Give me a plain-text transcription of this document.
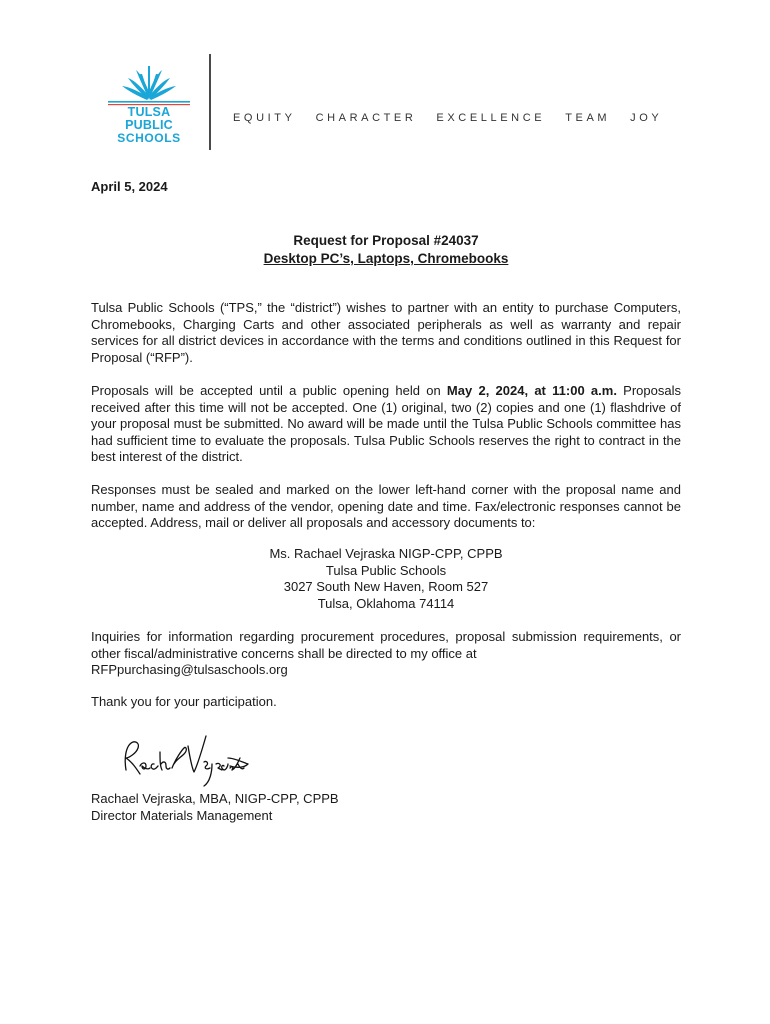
TULSA PUBLIC
SCHOOLS
EQUITY CHARACTER EXCELLENCE TEAM JOY
April 5, 2024
Request for Proposal #24037
Desktop PC’s, Laptops, Chromebooks
Tulsa Public Schools (“TPS,” the “district”) wishes to partner with an entity to purchase Computers, Chromebooks, Charging Carts and other associated peripherals as well as warranty and repair services for all district devices in accordance with the terms and conditions outlined in this Request for Proposal (“RFP”).
Proposals will be accepted until a public opening held on May 2, 2024, at 11:00 a.m. Proposals received after this time will not be accepted. One (1) original, two (2) copies and one (1) flashdrive of your proposal must be submitted. No award will be made until the Tulsa Public Schools committee has had sufficient time to evaluate the proposals. Tulsa Public Schools reserves the right to contract in the best interest of the district.
Responses must be sealed and marked on the lower left-hand corner with the proposal name and number, name and address of the vendor, opening date and time. Fax/electronic responses cannot be accepted. Address, mail or deliver all proposals and accessory documents to:
Ms. Rachael Vejraska NIGP-CPP, CPPB
Tulsa Public Schools
3027 South New Haven, Room 527
Tulsa, Oklahoma 74114
Inquiries for information regarding procurement procedures, proposal submission requirements, or other fiscal/administrative concerns shall be directed to my office at
RFPpurchasing@tulsaschools.org
Thank you for your participation.
Rachael Vejraska, MBA, NIGP-CPP, CPPB
Director Materials Management
